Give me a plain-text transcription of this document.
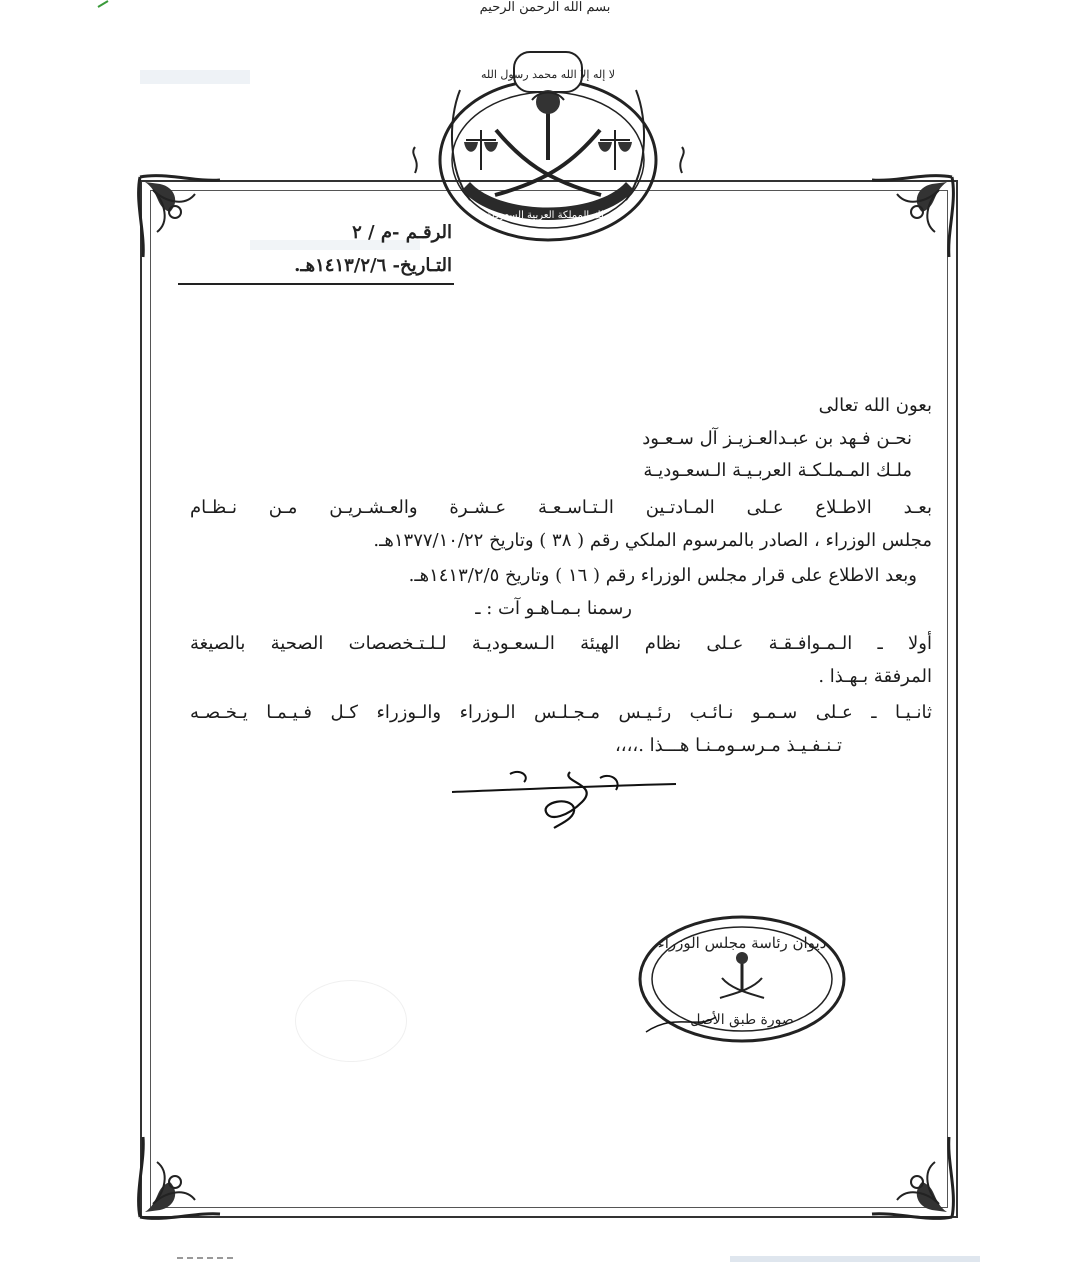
بسم الله الرحمن الرحيم
لا إله إلا الله محمد رسول الله
ملك المملكة العربية السعودية
الرقـم -م / ٢
التـاريخ- ١٤١٣/٢/٦هـ.
بعون الله تعالى
نحـن فـهد بن عبـدالعـزيـز آل سـعـود
ملـك المـملـكـة العربـيـة الـسعـوديـة
بعـد الاطـلاع عـلى المـادتـين الـتـاسـعـة عـشـرة والعـشـريـن مـن نـظـام
مجلس الوزراء ، الصادر بالمرسوم الملكي رقم ( ٣٨ ) وتاريخ ١٣٧٧/١٠/٢٢هـ.
وبعد الاطلاع على قرار مجلس الوزراء رقم ( ١٦ ) وتاريخ ١٤١٣/٢/٥هـ.
رسمنا بـمـاهـو آت : ـ
أولا ـ الـمـوافـقـة عـلى نظام الهيئة الـسعـوديـة لـلـتـخصصات الصحية بالصيغة
المرفقة بـهـذا .
ثانـيـا ـ عـلى سـمـو نـائـب رئـيـس مـجـلـس الـوزراء والـوزراء كـل فـيـمـا يـخـصـه
تـنـفـيـذ مـرسـومـنـا هـــذا .،،،،
ديوان رئاسة مجلس الوزراء
صورة طبق الأصل
